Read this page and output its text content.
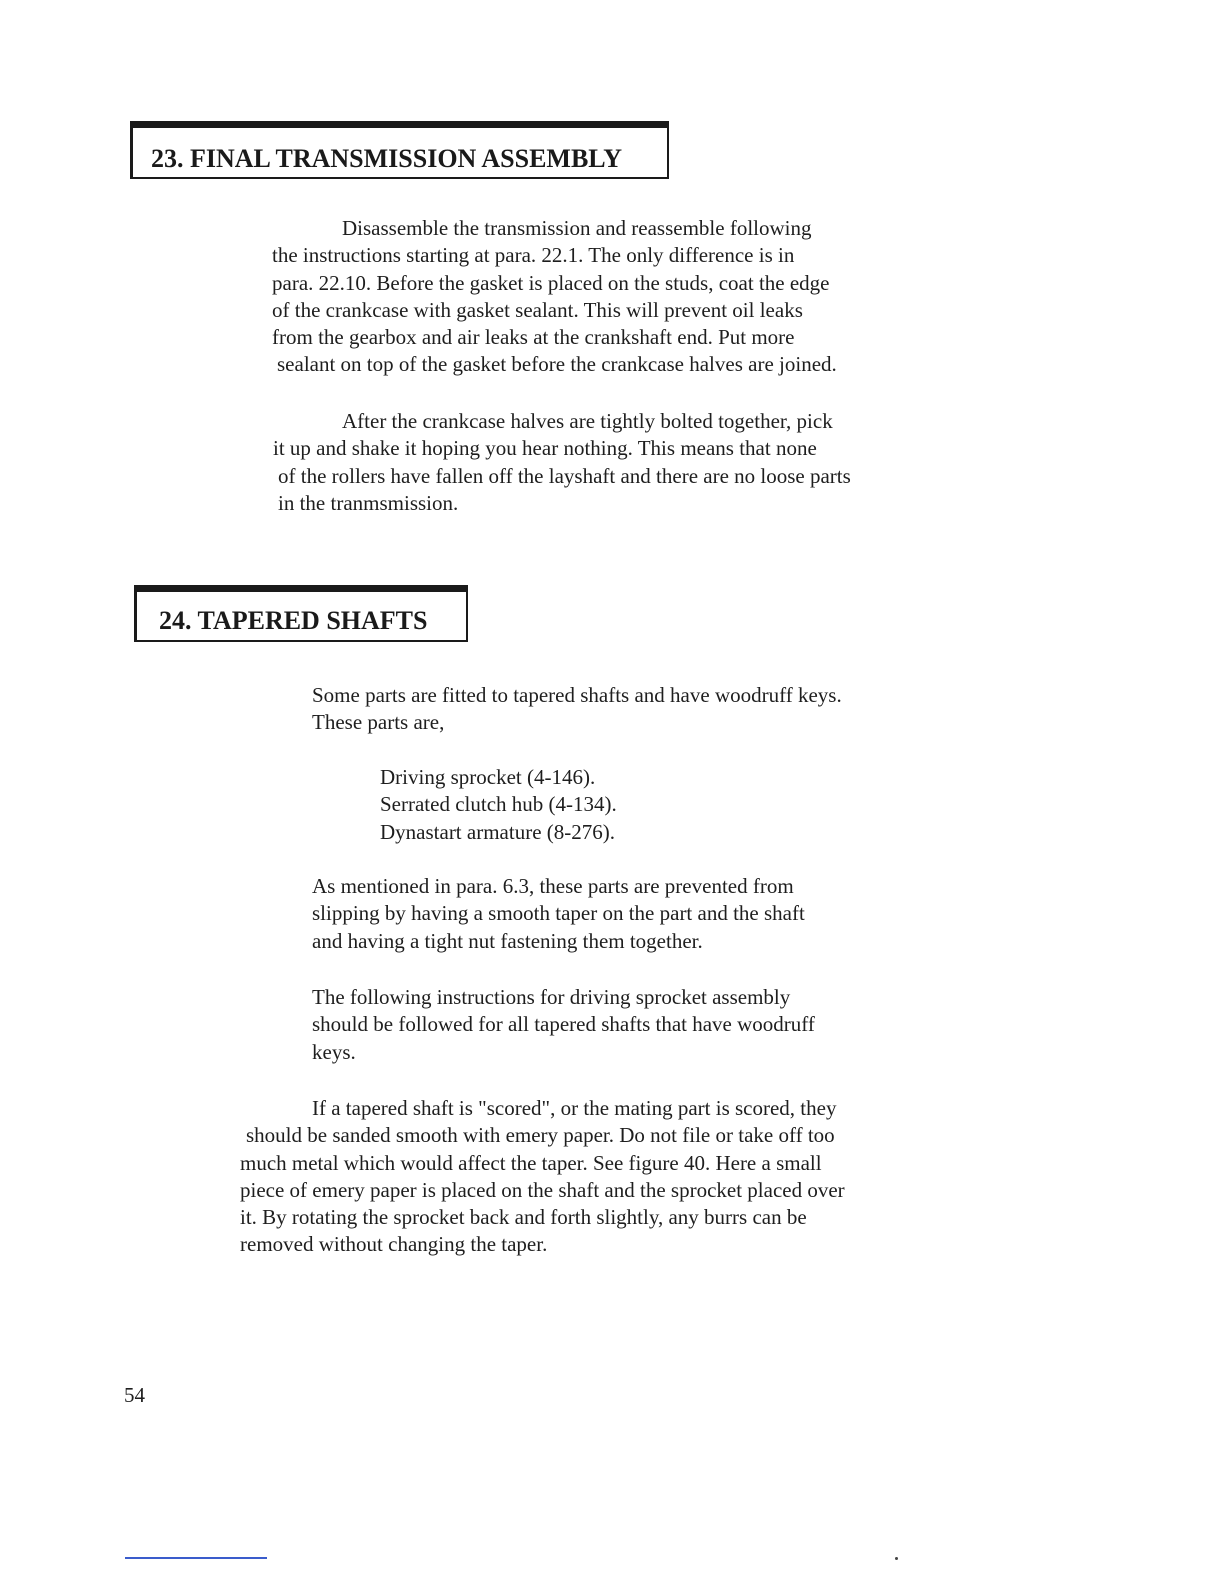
23. FINAL TRANSMISSION ASSEMBLY

Disassemble the transmission and reassemble following
the instructions starting at para. 22.1. The only difference is in
para. 22.10. Before the gasket is placed on the studs, coat the edge
of the crankcase with gasket sealant. This will prevent oil leaks
from the gearbox and air leaks at the crankshaft end. Put more
sealant on top of the gasket before the crankcase halves are joined.

After the crankcase halves are tightly bolted together, pick
it up and shake it hoping you hear nothing. This means that none
of the rollers have fallen off the layshaft and there are no loose parts
in the tranmsmission.

24. TAPERED SHAFTS

Some parts are fitted to tapered shafts and have woodruff keys.
These parts are,

Driving sprocket (4-146).
Serrated clutch hub (4-134).
Dynastart armature (8-276).

As mentioned in para. 6.3, these parts are prevented from
slipping by having a smooth taper on the part and the shaft
and having a tight nut fastening them together.

The following instructions for driving sprocket assembly
should be followed for all tapered shafts that have woodruff
keys.

If a tapered shaft is "scored", or the mating part is scored, they
should be sanded smooth with emery paper. Do not file or take off too
much metal which would affect the taper. See figure 40. Here a small
piece of emery paper is placed on the shaft and the sprocket placed over
it. By rotating the sprocket back and forth slightly, any burrs can be
removed without changing the taper.

54
